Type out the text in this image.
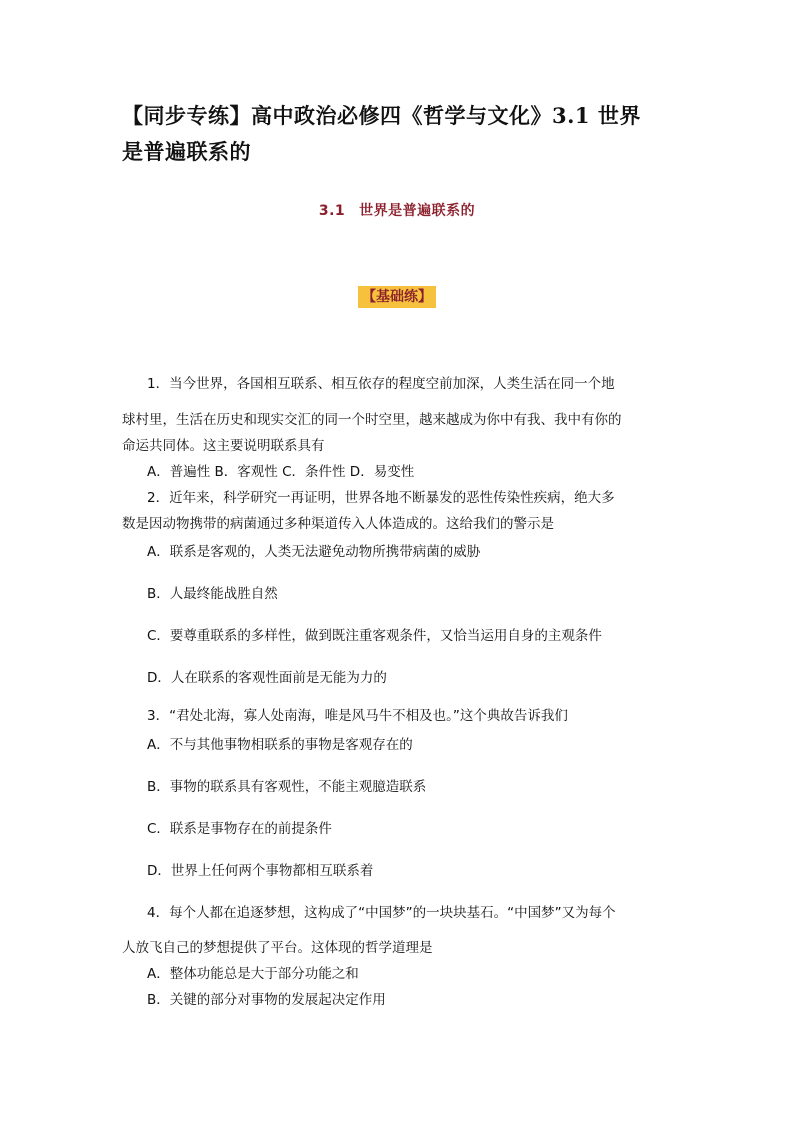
【同步专练】高中政治必修四《哲学与文化》3.1 世界
是普遍联系的
3.1 世界是普遍联系的
【基础练】
1．当今世界，各国相互联系、相互依存的程度空前加深，人类生活在同一个地
球村里，生活在历史和现实交汇的同一个时空里，越来越成为你中有我、我中有你的
命运共同体。这主要说明联系具有
A．普遍性 B．客观性 C．条件性 D．易变性
2．近年来，科学研究一再证明，世界各地不断暴发的恶性传染性疾病，绝大多
数是因动物携带的病菌通过多种渠道传入人体造成的。这给我们的警示是
A．联系是客观的，人类无法避免动物所携带病菌的威胁
B．人最终能战胜自然
C．要尊重联系的多样性，做到既注重客观条件，又恰当运用自身的主观条件
D．人在联系的客观性面前是无能为力的
3．“君处北海，寡人处南海，唯是风马牛不相及也。”这个典故告诉我们
A．不与其他事物相联系的事物是客观存在的
B．事物的联系具有客观性，不能主观臆造联系
C．联系是事物存在的前提条件
D．世界上任何两个事物都相互联系着
4．每个人都在追逐梦想，这构成了“中国梦”的一块块基石。“中国梦”又为每个
人放飞自己的梦想提供了平台。这体现的哲学道理是
A．整体功能总是大于部分功能之和
B．关键的部分对事物的发展起决定作用
